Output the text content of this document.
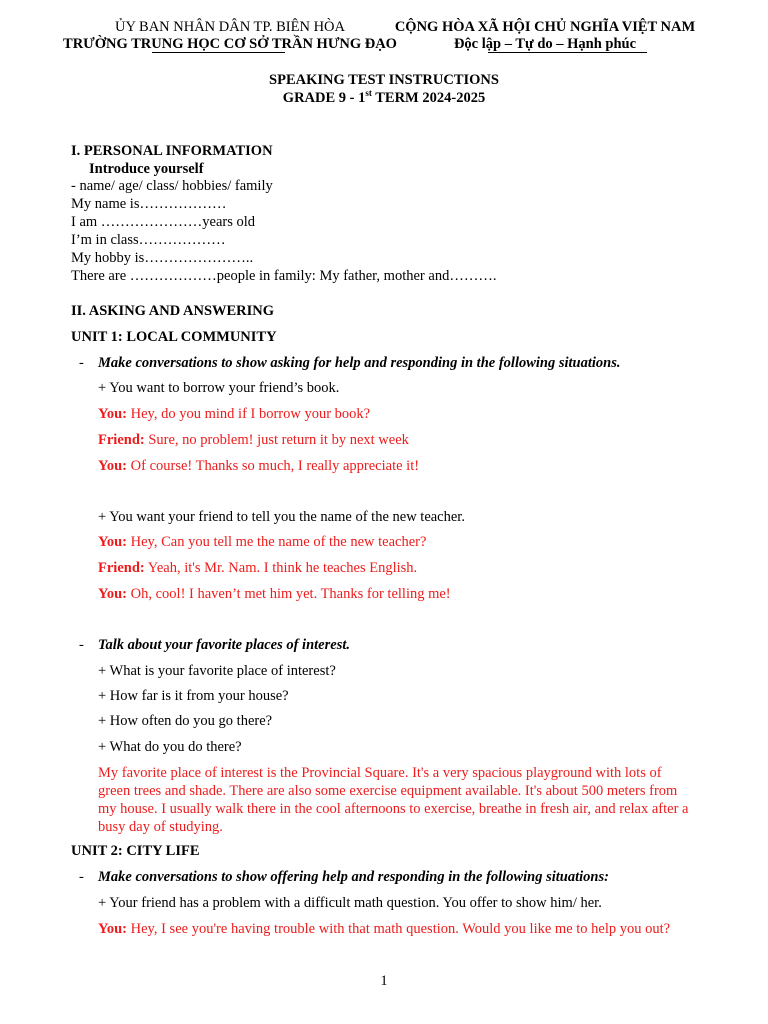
ỦY BAN NHÂN DÂN TP. BIÊN HÒA
TRƯỜNG TRUNG HỌC CƠ SỞ TRẦN HƯNG ĐẠO
CỘNG HÒA XÃ HỘI CHỦ NGHĨA VIỆT NAM
Độc lập – Tự do – Hạnh phúc
SPEAKING TEST INSTRUCTIONS
GRADE 9 - 1st TERM 2024-2025
I. PERSONAL INFORMATION
Introduce yourself
- name/ age/ class/ hobbies/ family
My name is………………
I am …………………years old
I’m in class………………
My hobby is…………………..
There are ………………people in family: My father, mother and……….
II. ASKING AND ANSWERING
UNIT 1: LOCAL COMMUNITY
- Make conversations to show asking for help and responding in the following situations.
+ You want to borrow your friend’s book.
You: Hey, do you mind if I borrow your book?
Friend: Sure, no problem! just return it by next week
You: Of course! Thanks so much, I really appreciate it!
+ You want your friend to tell you the name of the new teacher.
You: Hey, Can you tell me the name of the new teacher?
Friend: Yeah, it's Mr. Nam. I think he teaches English.
You: Oh, cool! I haven’t met him yet. Thanks for telling me!
- Talk about your favorite places of interest.
+ What is your favorite place of interest?
+ How far is it from your house?
+ How often do you go there?
+ What do you do there?
My favorite place of interest is the Provincial Square. It's a very spacious playground with lots of green trees and shade. There are also some exercise equipment available. It's about 500 meters from my house. I usually walk there in the cool afternoons to exercise, breathe in fresh air, and relax after a busy day of studying.
UNIT 2: CITY LIFE
- Make conversations to show offering help and responding in the following situations:
+ Your friend has a problem with a difficult math question. You offer to show him/ her.
You: Hey, I see you're having trouble with that math question. Would you like me to help you out?
1
